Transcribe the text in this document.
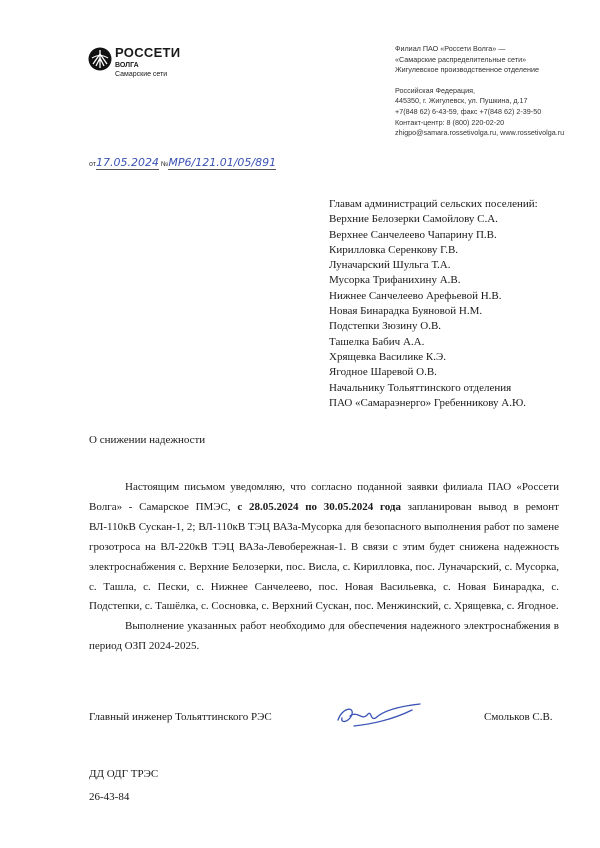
РОССЕТИ
ВОЛГА
Самарские сети
Филиал ПАО «Россети Волга» —
«Самарские распределительные сети»
Жигулевское производственное отделение
Российская Федерация,
445350, г. Жигулевск, ул. Пушкина, д.17
+7(848 62) 6-43-59, факс +7(848 62) 2-39-50
Контакт-центр: 8 (800) 220-02-20
zhigpo@samara.rosseti​volga.ru, www.rossetivolga.ru
от17.05.2024 №МР6/121.01/05/891
Главам администраций сельских поселений:
Верхние Белозерки Самойлову С.А.
Верхнее Санчелеево Чапарину П.В.
Кирилловка Серенкову Г.В.
Луначарский Шульга Т.А.
Мусорка Трифанихину А.В.
Нижнее Санчелеево Арефьевой Н.В.
Новая Бинарадка Буяновой Н.М.
Подстепки Зюзину О.В.
Ташелка Бабич А.А.
Хрящевка Василике К.Э.
Ягодное Шаревой О.В.
Начальнику Тольяттинского отделения
ПАО «Самараэнерго» Гребенникову А.Ю.
О снижении надежности

Настоящим письмом уведомляю, что согласно поданной заявки филиала ПАО «Россети Волга» - Самарское ПМЭС, с 28.05.2024 по 30.05.2024 года запланирован вывод в ремонт ВЛ-110кВ Сускан-1, 2; ВЛ-110кВ ТЭЦ ВАЗа-Мусорка для безопасного выполнения работ по замене грозотроса на ВЛ-220кВ ТЭЦ ВАЗа-Левобережная-1. В связи с этим будет снижена надежность электроснабжения с. Верхние Белозерки, пос. Висла, с. Кирилловка, пос. Луначарский, с. Мусорка, с. Ташла, с. Пески, с. Нижнее Санчелеево, пос. Новая Васильевка, с. Новая Бинарадка, с. Подстепки, с. Ташёлка, с. Сосновка, с. Верхний Сускан, пос. Менжинский, с. Хрящевка, с. Ягодное.

Выполнение указанных работ необходимо для обеспечения надежного электроснабжения в период ОЗП 2024-2025.

Главный инженер Тольяттинского РЭС	Смольков С.В.
ДД ОДГ ТРЭС
26-43-84
